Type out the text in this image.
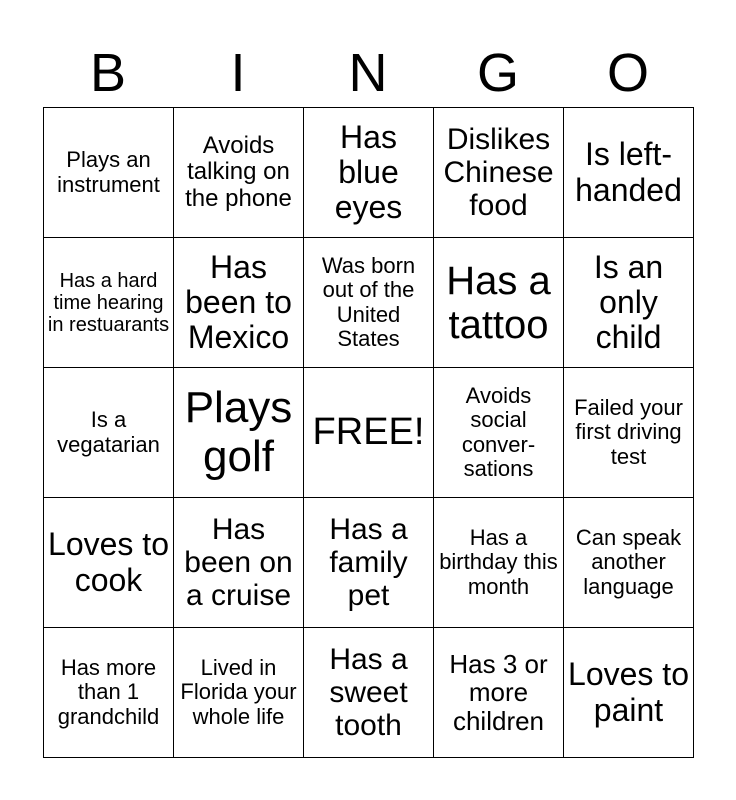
B	I	N	G	O
Plays an instrument	Avoids talking on the phone	Has blue eyes	Dislikes Chinese food	Is left-handed
Has a hard time hearing in restuarants	Has been to Mexico	Was born out of the United States	Has a tattoo	Is an only child
Is a vegatarian	Plays golf	FREE!	Avoids social conver-sations	Failed your first driving test
Loves to cook	Has been on a cruise	Has a family pet	Has a birthday this month	Can speak another language
Has more than 1 grandchild	Lived in Florida your whole life	Has a sweet tooth	Has 3 or more children	Loves to paint
